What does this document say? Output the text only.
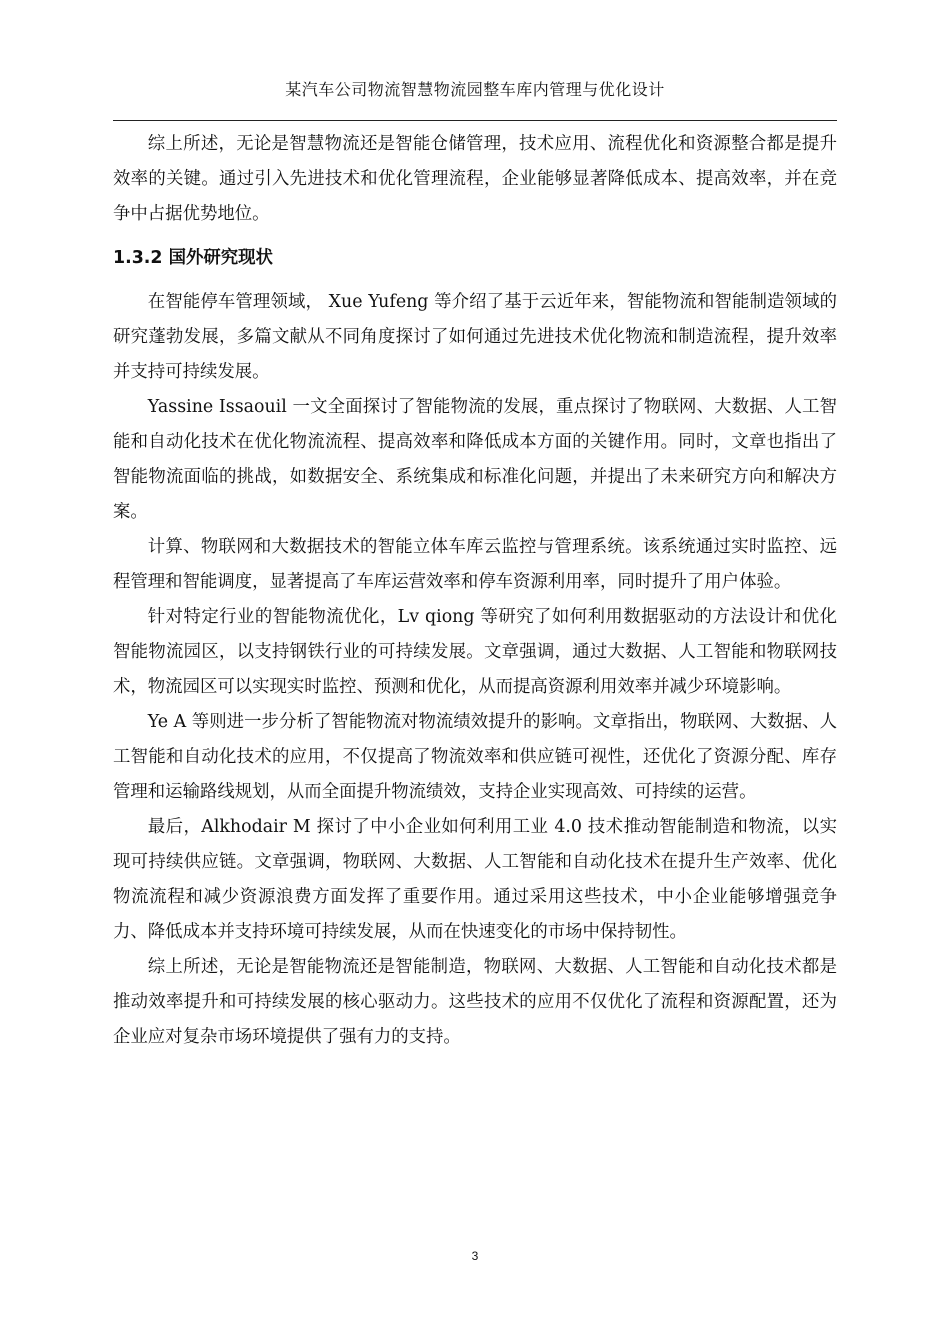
某汽车公司物流智慧物流园整车库内管理与优化设计

综上所述，无论是智慧物流还是智能仓储管理，技术应用、流程优化和资源整合都是提升效率的关键。通过引入先进技术和优化管理流程，企业能够显著降低成本、提高效率，并在竞争中占据优势地位。

1.3.2 国外研究现状

在智能停车管理领域， Xue Yufeng 等介绍了基于云近年来，智能物流和智能制造领域的研究蓬勃发展，多篇文献从不同角度探讨了如何通过先进技术优化物流和制造流程，提升效率并支持可持续发展。

Yassine Issaouil 一文全面探讨了智能物流的发展，重点探讨了物联网、大数据、人工智能和自动化技术在优化物流流程、提高效率和降低成本方面的关键作用。同时，文章也指出了智能物流面临的挑战，如数据安全、系统集成和标准化问题，并提出了未来研究方向和解决方案。

计算、物联网和大数据技术的智能立体车库云监控与管理系统。该系统通过实时监控、远程管理和智能调度，显著提高了车库运营效率和停车资源利用率，同时提升了用户体验。

针对特定行业的智能物流优化，Lv qiong 等研究了如何利用数据驱动的方法设计和优化智能物流园区，以支持钢铁行业的可持续发展。文章强调，通过大数据、人工智能和物联网技术，物流园区可以实现实时监控、预测和优化，从而提高资源利用效率并减少环境影响。

Ye A 等则进一步分析了智能物流对物流绩效提升的影响。文章指出，物联网、大数据、人工智能和自动化技术的应用，不仅提高了物流效率和供应链可视性，还优化了资源分配、库存管理和运输路线规划，从而全面提升物流绩效，支持企业实现高效、可持续的运营。

最后，Alkhodair M 探讨了中小企业如何利用工业 4.0 技术推动智能制造和物流，以实现可持续供应链。文章强调，物联网、大数据、人工智能和自动化技术在提升生产效率、优化物流流程和减少资源浪费方面发挥了重要作用。通过采用这些技术，中小企业能够增强竞争力、降低成本并支持环境可持续发展，从而在快速变化的市场中保持韧性。

综上所述，无论是智能物流还是智能制造，物联网、大数据、人工智能和自动化技术都是推动效率提升和可持续发展的核心驱动力。这些技术的应用不仅优化了流程和资源配置，还为企业应对复杂市场环境提供了强有力的支持。

3
